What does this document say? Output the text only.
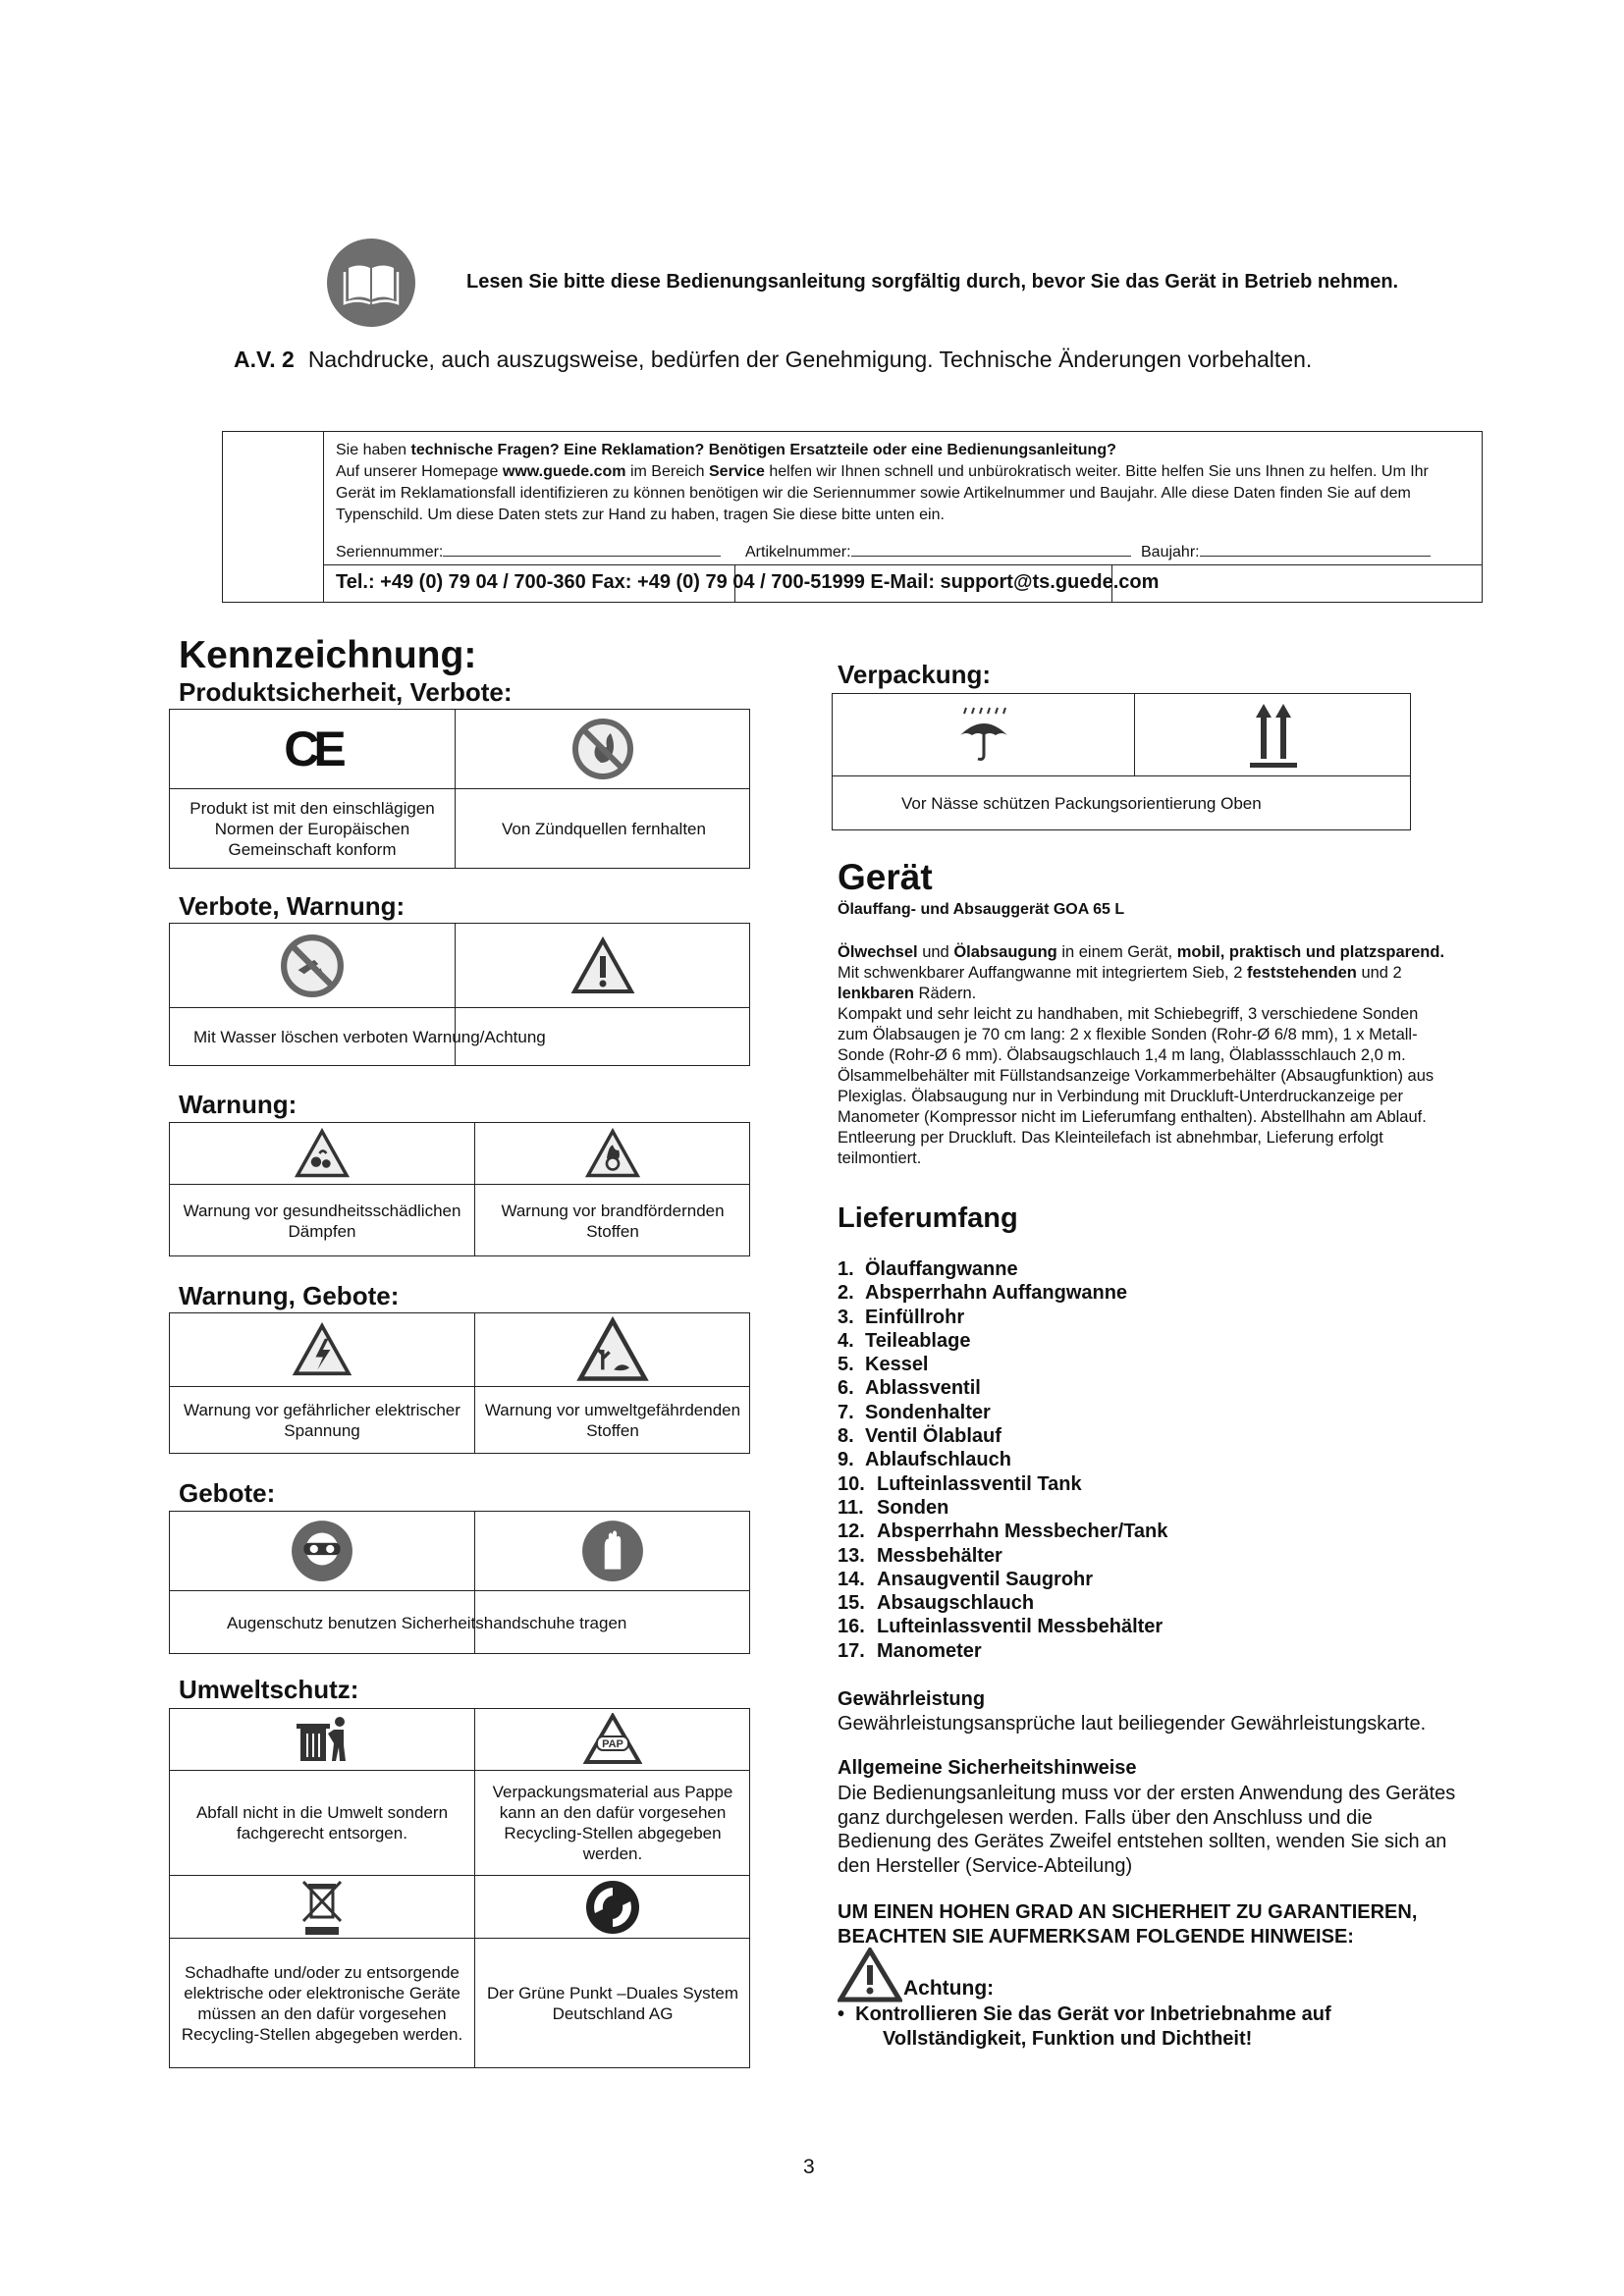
Lesen Sie bitte diese Bedienungsanleitung sorgfältig durch, bevor Sie das Gerät in Betrieb nehmen.
A.V. 2 Nachdrucke, auch auszugsweise, bedürfen der Genehmigung. Technische Änderungen vorbehalten.
Sie haben technische Fragen? Eine Reklamation? Benötigen Ersatzteile oder eine Bedienungsanleitung?
Auf unserer Homepage www.guede.com im Bereich Service helfen wir Ihnen schnell und unbürokratisch weiter. Bitte helfen Sie uns Ihnen zu helfen. Um Ihr Gerät im Reklamationsfall identifizieren zu können benötigen wir die Seriennummer sowie Artikelnummer und Baujahr. Alle diese Daten finden Sie auf dem Typenschild. Um diese Daten stets zur Hand zu haben, tragen Sie diese bitte unten ein.
Seriennummer:	Artikelnummer:	Baujahr:
Tel.: +49 (0) 79 04 / 700-360 Fax: +49 (0) 79 04 / 700-51999 E-Mail: support@ts.guede.com
Kennzeichnung:
Produktsicherheit, Verbote:
CE
Produkt ist mit den einschlägigen Normen der Europäischen Gemeinschaft konform
Von Zündquellen fernhalten
Verbote, Warnung:
Mit Wasser löschen verboten
Warnung/Achtung
Warnung:
Warnung vor gesundheitsschädlichen Dämpfen
Warnung vor brandfördernden Stoffen
Warnung, Gebote:
Warnung vor gefährlicher elektrischer Spannung
Warnung vor umweltgefährdenden Stoffen
Gebote:
Augenschutz benutzen
Sicherheitshandschuhe tragen
Umweltschutz:
PAP
Abfall nicht in die Umwelt sondern fachgerecht entsorgen.
Verpackungsmaterial aus Pappe kann an den dafür vorgesehen Recycling-Stellen abgegeben werden.
Schadhafte und/oder zu entsorgende elektrische oder elektronische Geräte müssen an den dafür vorgesehen Recycling-Stellen abgegeben werden.
Der Grüne Punkt –Duales System Deutschland AG
Verpackung:
Vor Nässe schützen
Packungsorientierung Oben
Gerät
Ölauffang- und Absauggerät GOA 65 L
Ölwechsel und Ölabsaugung in einem Gerät, mobil, praktisch und platzsparend. Mit schwenkbarer Auffangwanne mit integriertem Sieb, 2 feststehenden und 2 lenkbaren Rädern.
Kompakt und sehr leicht zu handhaben, mit Schiebegriff, 3 verschiedene Sonden zum Ölabsaugen je 70 cm lang: 2 x flexible Sonden (Rohr-Ø 6/8 mm), 1 x Metall-Sonde (Rohr-Ø 6 mm). Ölabsaugschlauch 1,4 m lang, Ölablassschlauch 2,0 m. Ölsammelbehälter mit Füllstandsanzeige Vorkammerbehälter (Absaugfunktion) aus Plexiglas. Ölabsaugung nur in Verbindung mit Druckluft-Unterdruckanzeige per Manometer (Kompressor nicht im Lieferumfang enthalten). Abstellhahn am Ablauf. Entleerung per Druckluft. Das Kleinteilefach ist abnehmbar, Lieferung erfolgt teilmontiert.
Lieferumfang
1. Ölauffangwanne
2. Absperrhahn Auffangwanne
3. Einfüllrohr
4. Teileablage
5. Kessel
6. Ablassventil
7. Sondenhalter
8. Ventil Ölablauf
9. Ablaufschlauch
10. Lufteinlassventil Tank
11. Sonden
12. Absperrhahn Messbecher/Tank
13. Messbehälter
14. Ansaugventil Saugrohr
15. Absaugschlauch
16. Lufteinlassventil Messbehälter
17. Manometer
Gewährleistung
Gewährleistungsansprüche laut beiliegender Gewährleistungskarte.
Allgemeine Sicherheitshinweise
Die Bedienungsanleitung muss vor der ersten Anwendung des Gerätes ganz durchgelesen werden. Falls über den Anschluss und die Bedienung des Gerätes Zweifel entstehen sollten, wenden Sie sich an den Hersteller (Service-Abteilung)
UM EINEN HOHEN GRAD AN SICHERHEIT ZU GARANTIEREN, BEACHTEN SIE AUFMERKSAM FOLGENDE HINWEISE:
Achtung:
•  Kontrollieren Sie das Gerät vor Inbetriebnahme auf
Vollständigkeit, Funktion und Dichtheit!
3
